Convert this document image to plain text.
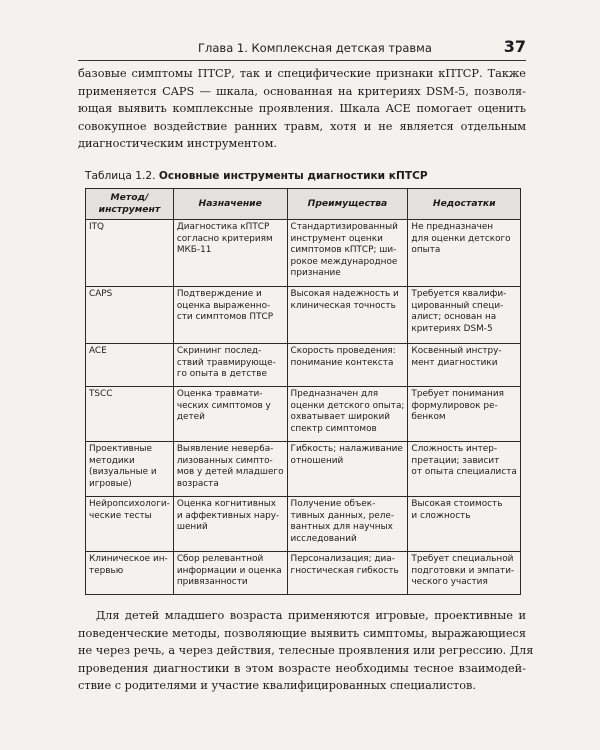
Глава 1. Комплексная детская травма	37
базовые симптомы ПТСР, так и специфические признаки кПТСР. Также
применяется CAPS — шкала, основанная на критериях DSM-5, позволя-
ющая выявить комплексные проявления. Шкала ACE помогает оценить
совокупное воздействие ранних травм, хотя и не является отдельным
диагностическим инструментом.
Таблица 1.2. Основные инструменты диагностики кПТСР
Метод/ инструмент	Назначение	Преимущества	Недостатки

ITQ	Диагностика кПТСР
согласно критериям
МКБ-11	Стандартизированный
инструмент оценки
симптомов кПТСР; ши-
рокое международное
признание	Не предназначен
для оценки детского
опыта

CAPS	Подтверждение и
оценка выраженно-
сти симптомов ПТСР	Высокая надежность и
клиническая точность	Требуется квалифи-
цированный специ-
алист; основан на
критериях DSM-5

ACE	Скрининг послед-
ствий травмирующе-
го опыта в детстве	Скорость проведения:
понимание контекста	Косвенный инстру-
мент диагностики

TSCC	Оценка травмати-
ческих симптомов у
детей	Предназначен для
оценки детского опыта;
охватывает широкий
спектр симптомов	Требует понимания
формулировок ре-
бенком

Проективные
методики
(визуальные и
игровые)	Выявление невер6а-
лизованных симпто-
мов у детей младшего
возраста	Гибкость; налаживание
отношений	Сложность интер-
претации; зависит
от опыта специалиста

Нейропсихологи-
ческие тесты	Оценка когнитивных
и аффективных нару-
шений	Получение объек-
тивных данных, реле-
вантных для научных
исследований	Высокая стоимость
и сложность

Клиническое ин-
тервью	Сбор релевантной
информации и оценка
привязанности	Персонализация; диа-
гностическая гибкость	Требует специальной
подготовки и эмпати-
ческого участия
Для детей младшего возраста применяются игровые, проективные и
поведенческие методы, позволяющие выявить симптомы, выражающиеся
не через речь, а через действия, телесные проявления или регрессию. Для
проведения диагностики в этом возрасте необходимы тесное взаимодей-
ствие с родителями и участие квалифицированных специалистов.
